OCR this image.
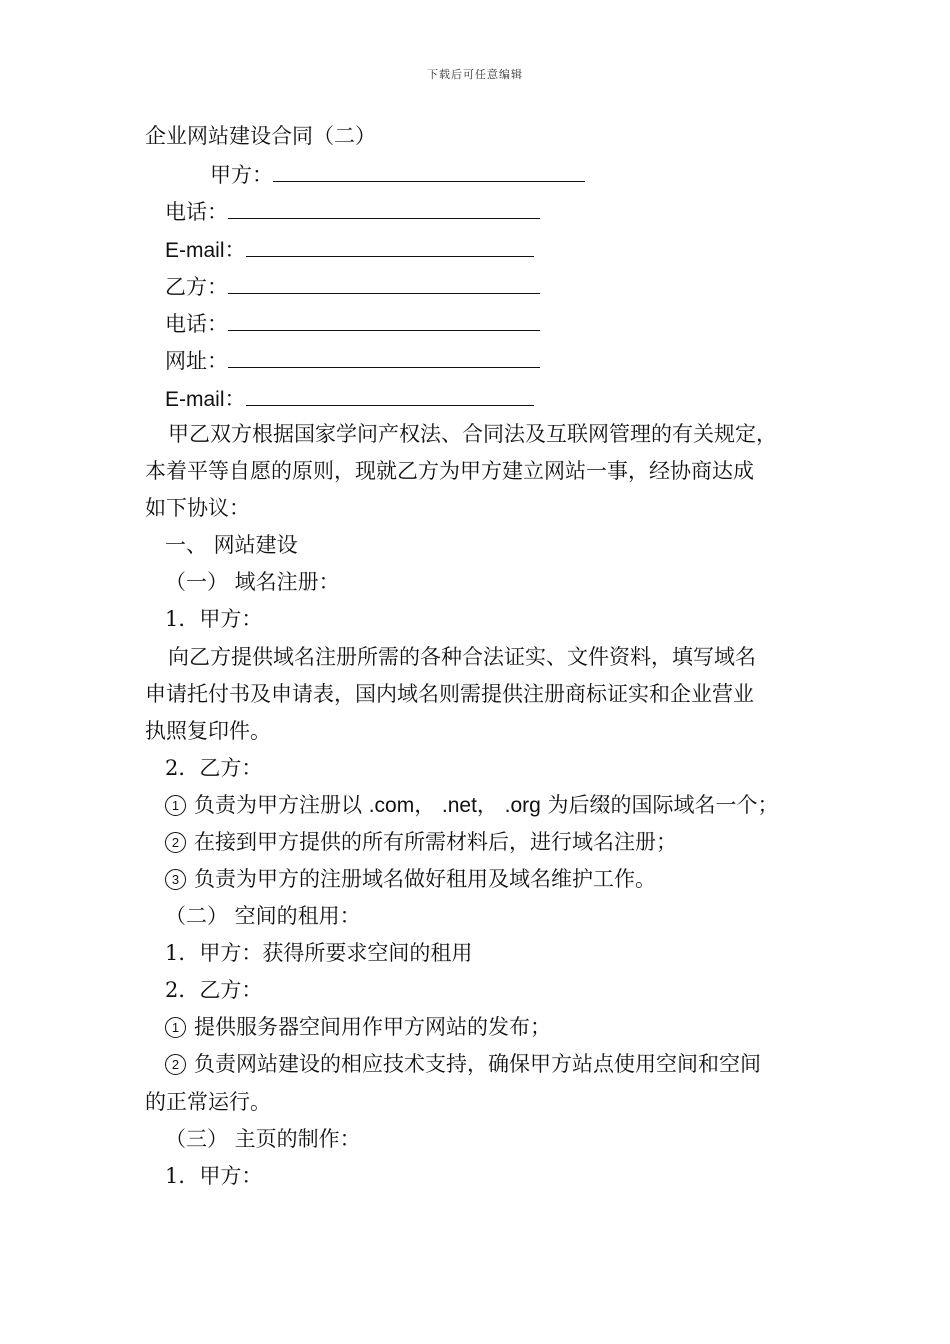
下载后可任意编辑
企业网站建设合同（二）
甲方：
电话：
E-mail：
乙方：
电话：
网址：
E-mail：
甲乙双方根据国家学问产权法、合同法及互联网管理的有关规定，
本着平等自愿的原则，现就乙方为甲方建立网站一事，经协商达成
如下协议：
一、 网站建设
（一） 域名注册：
1．甲方：
向乙方提供域名注册所需的各种合法证实、文件资料，填写域名
申请托付书及申请表，国内域名则需提供注册商标证实和企业营业
执照复印件。
2．乙方：
1 负责为甲方注册以 .com， .net， .org 为后缀的国际域名一个；
2 在接到甲方提供的所有所需材料后，进行域名注册；
3 负责为甲方的注册域名做好租用及域名维护工作。
（二） 空间的租用：
1．甲方：获得所要求空间的租用
2．乙方：
1 提供服务器空间用作甲方网站的发布；
2 负责网站建设的相应技术支持，确保甲方站点使用空间和空间
的正常运行。
（三） 主页的制作：
1．甲方：
